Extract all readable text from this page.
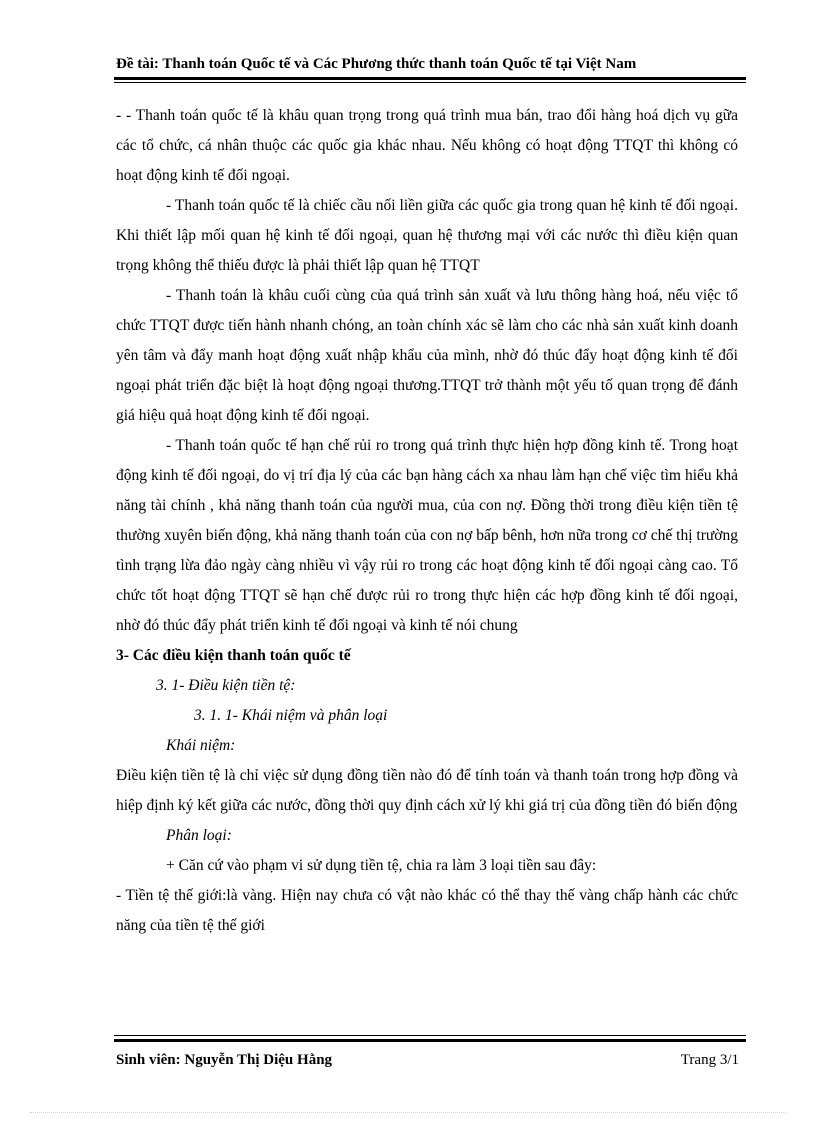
Đề tài: Thanh toán Quốc tế và Các Phương thức thanh toán Quốc tế tại Việt Nam

- - Thanh toán quốc tế là khâu quan trọng trong quá trình mua bán, trao đổi hàng hoá dịch vụ gữa các tổ chức, cá nhân thuộc các quốc gia khác nhau. Nếu không có hoạt động TTQT thì không có hoạt động kinh tế đối ngoại.

- Thanh toán quốc tế là chiếc cầu nối liền giữa các quốc gia trong quan hệ kinh tế đối ngoại. Khi thiết lập mối quan hệ kinh tế đối ngoại, quan hệ thương mại với các nước thì điều kiện quan trọng không thể thiếu được là phải thiết lập quan hệ TTQT

- Thanh toán là khâu cuối cùng của quá trình sản xuất và lưu thông hàng hoá, nếu việc tổ chức TTQT được tiến hành nhanh chóng, an toàn chính xác sẽ làm cho các nhà sản xuất kinh doanh yên tâm và đẩy manh hoạt động xuất nhập khẩu của mình, nhờ đó thúc đẩy hoạt động kinh tế đối ngoại phát triển đặc biệt là hoạt động ngoại thương.TTQT trở thành một yếu tố quan trọng để đánh giá hiệu quả hoạt động kinh tế đối ngoại.

- Thanh toán quốc tế hạn chế rủi ro trong quá trình thực hiện hợp đồng kinh tế. Trong hoạt động kinh tế đối ngoại, do vị trí địa lý của các bạn hàng cách xa nhau làm hạn chế việc tìm hiểu khả năng tài chính , khả năng thanh toán của người mua, của con nợ. Đồng thời trong điều kiện tiền tệ thường xuyên biến động, khả năng thanh toán của con nợ bấp bênh, hơn nữa trong cơ chế thị trường tình trạng lừa đảo ngày càng nhiều vì vậy rủi ro trong các hoạt động kinh tế đối ngoại càng cao. Tổ chức tốt hoạt động TTQT sẽ hạn chế được rủi ro trong thực hiện các hợp đồng kinh tế đối ngoại, nhờ đó thúc đẩy phát triển kinh tế đối ngoại và kinh tế nói chung

3- Các điều kiện thanh toán quốc tế

3. 1- Điều kiện tiền tệ:

3. 1. 1- Khái niệm và phân loại

Khái niệm:

Điều kiện tiền tệ là chỉ việc sử dụng đồng tiền nào đó để tính toán và thanh toán trong hợp đồng và hiệp định ký kết giữa các nước, đồng thời quy định cách xử lý khi giá trị của đồng tiền đó biến động

Phân loại:

+ Căn cứ vào phạm vi sử dụng tiền tệ, chia ra làm 3 loại tiền sau đây:

- Tiền tệ thế giới:là vàng. Hiện nay chưa có vật nào khác có thể thay thế vàng chấp hành các chức năng của tiền tệ thế giới

Sinh viên: Nguyễn Thị Diệu Hằng	Trang 3/1
